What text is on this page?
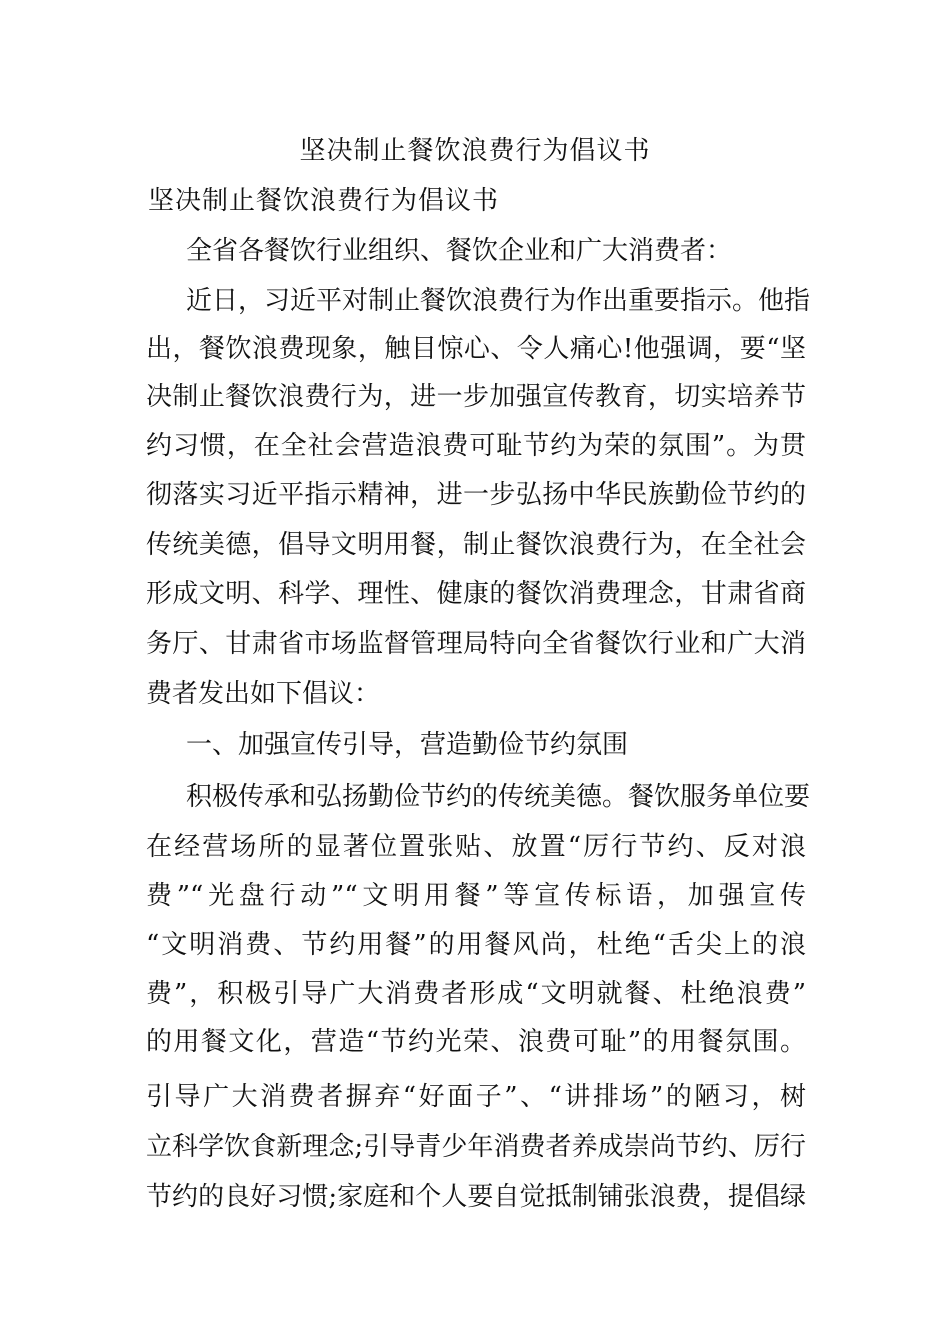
坚决制止餐饮浪费行为倡议书
坚决制止餐饮浪费行为倡议书
全省各餐饮行业组织、餐饮企业和广大消费者：
近日，习近平对制止餐饮浪费行为作出重要指示。他指
出，餐饮浪费现象，触目惊心、令人痛心!他强调，要“坚
决制止餐饮浪费行为，进一步加强宣传教育，切实培养节
约习惯，在全社会营造浪费可耻节约为荣的氛围”。为贯
彻落实习近平指示精神，进一步弘扬中华民族勤俭节约的
传统美德，倡导文明用餐，制止餐饮浪费行为，在全社会
形成文明、科学、理性、健康的餐饮消费理念，甘肃省商
务厅、甘肃省市场监督管理局特向全省餐饮行业和广大消
费者发出如下倡议：
一、加强宣传引导，营造勤俭节约氛围
积极传承和弘扬勤俭节约的传统美德。餐饮服务单位要
在经营场所的显著位置张贴、放置“厉行节约、反对浪
费”“光盘行动”“文明用餐”等宣传标语，加强宣传
“文明消费、节约用餐”的用餐风尚，杜绝“舌尖上的浪
费”，积极引导广大消费者形成“文明就餐、杜绝浪费”
的用餐文化，营造“节约光荣、浪费可耻”的用餐氛围。
引导广大消费者摒弃“好面子”、“讲排场”的陋习，树
立科学饮食新理念;引导青少年消费者养成崇尚节约、厉行
节约的良好习惯;家庭和个人要自觉抵制铺张浪费，提倡绿
